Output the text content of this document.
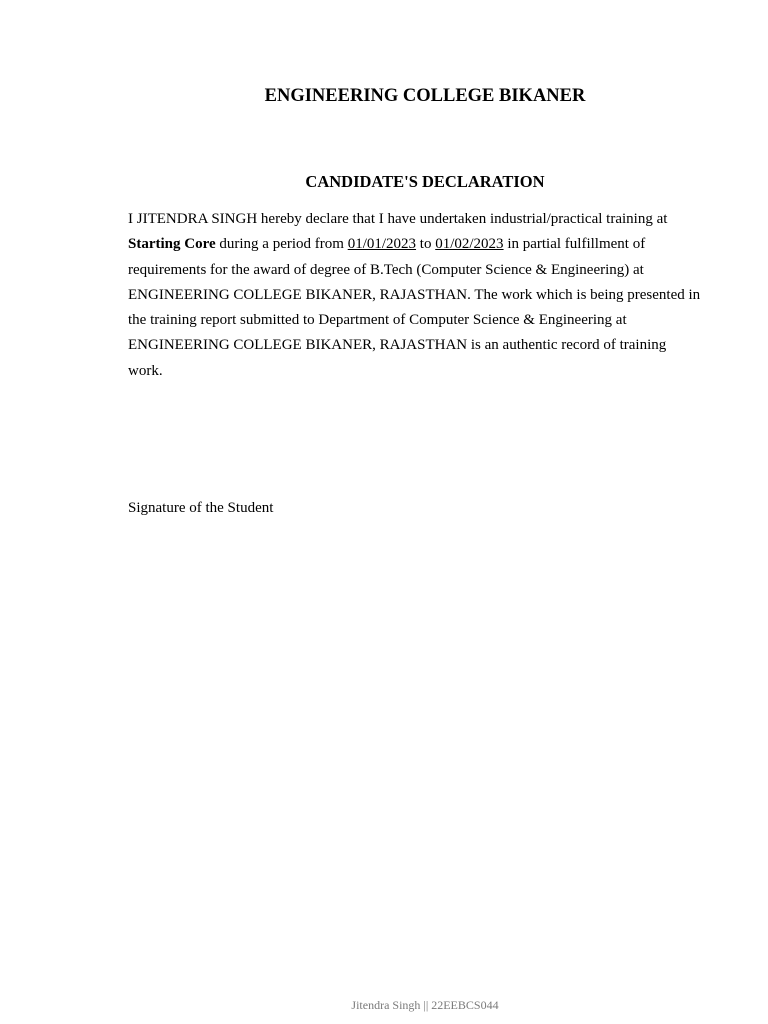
ENGINEERING COLLEGE BIKANER
CANDIDATE'S DECLARATION
I JITENDRA SINGH hereby declare that I have undertaken industrial/practical training at
Starting Core during a period from 01/01/2023 to 01/02/2023 in partial fulfillment of
requirements for the award of degree of B.Tech (Computer Science & Engineering) at
ENGINEERING COLLEGE BIKANER, RAJASTHAN. The work which is being presented in
the training report submitted to Department of Computer Science & Engineering at
ENGINEERING COLLEGE BIKANER, RAJASTHAN is an authentic record of training
work.

Signature of the Student

Jitendra Singh || 22EEBCS044
